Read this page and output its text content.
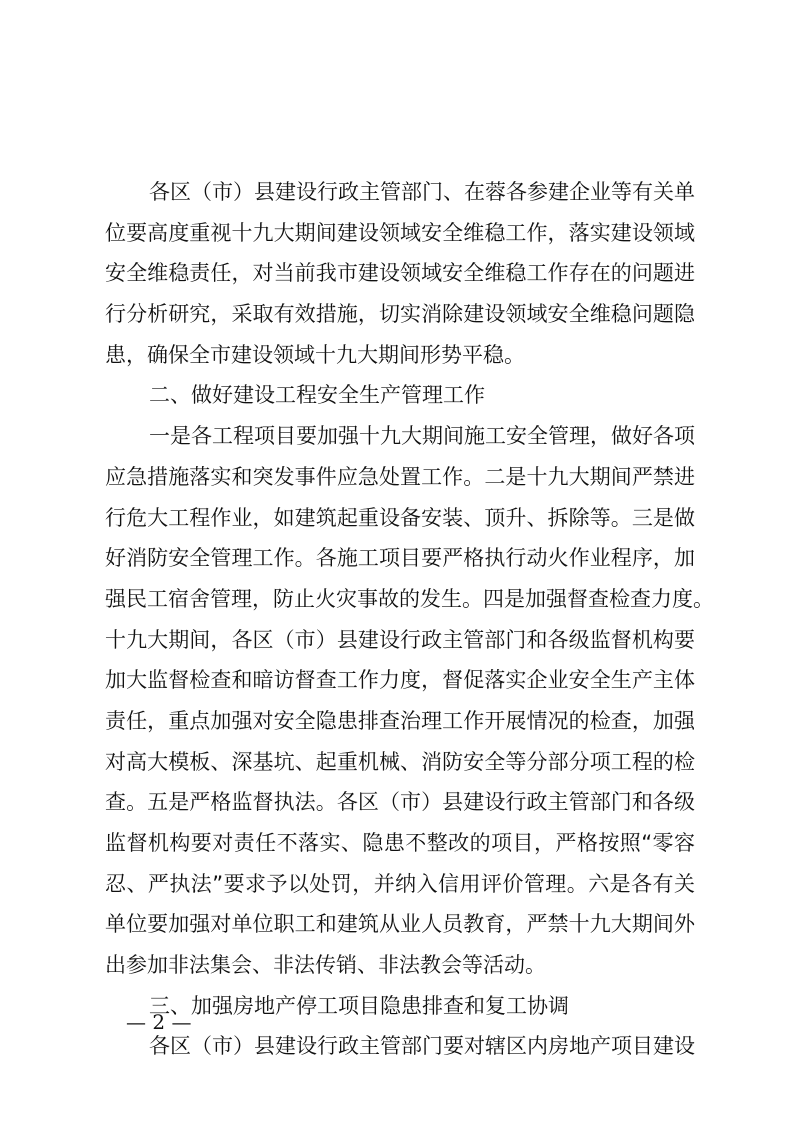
各区（市）县建设行政主管部门、在蓉各参建企业等有关单
位要高度重视十九大期间建设领域安全维稳工作，落实建设领域
安全维稳责任，对当前我市建设领域安全维稳工作存在的问题进
行分析研究，采取有效措施，切实消除建设领域安全维稳问题隐
患，确保全市建设领域十九大期间形势平稳。
二、做好建设工程安全生产管理工作
一是各工程项目要加强十九大期间施工安全管理，做好各项
应急措施落实和突发事件应急处置工作。二是十九大期间严禁进
行危大工程作业，如建筑起重设备安装、顶升、拆除等。三是做
好消防安全管理工作。各施工项目要严格执行动火作业程序，加
强民工宿舍管理，防止火灾事故的发生。四是加强督查检查力度。
十九大期间，各区（市）县建设行政主管部门和各级监督机构要
加大监督检查和暗访督查工作力度，督促落实企业安全生产主体
责任，重点加强对安全隐患排查治理工作开展情况的检查，加强
对高大模板、深基坑、起重机械、消防安全等分部分项工程的检
查。五是严格监督执法。各区（市）县建设行政主管部门和各级
监督机构要对责任不落实、隐患不整改的项目，严格按照“零容
忍、严执法”要求予以处罚，并纳入信用评价管理。六是各有关
单位要加强对单位职工和建筑从业人员教育，严禁十九大期间外
出参加非法集会、非法传销、非法教会等活动。
三、加强房地产停工项目隐患排查和复工协调
各区（市）县建设行政主管部门要对辖区内房地产项目建设
— 2 —
